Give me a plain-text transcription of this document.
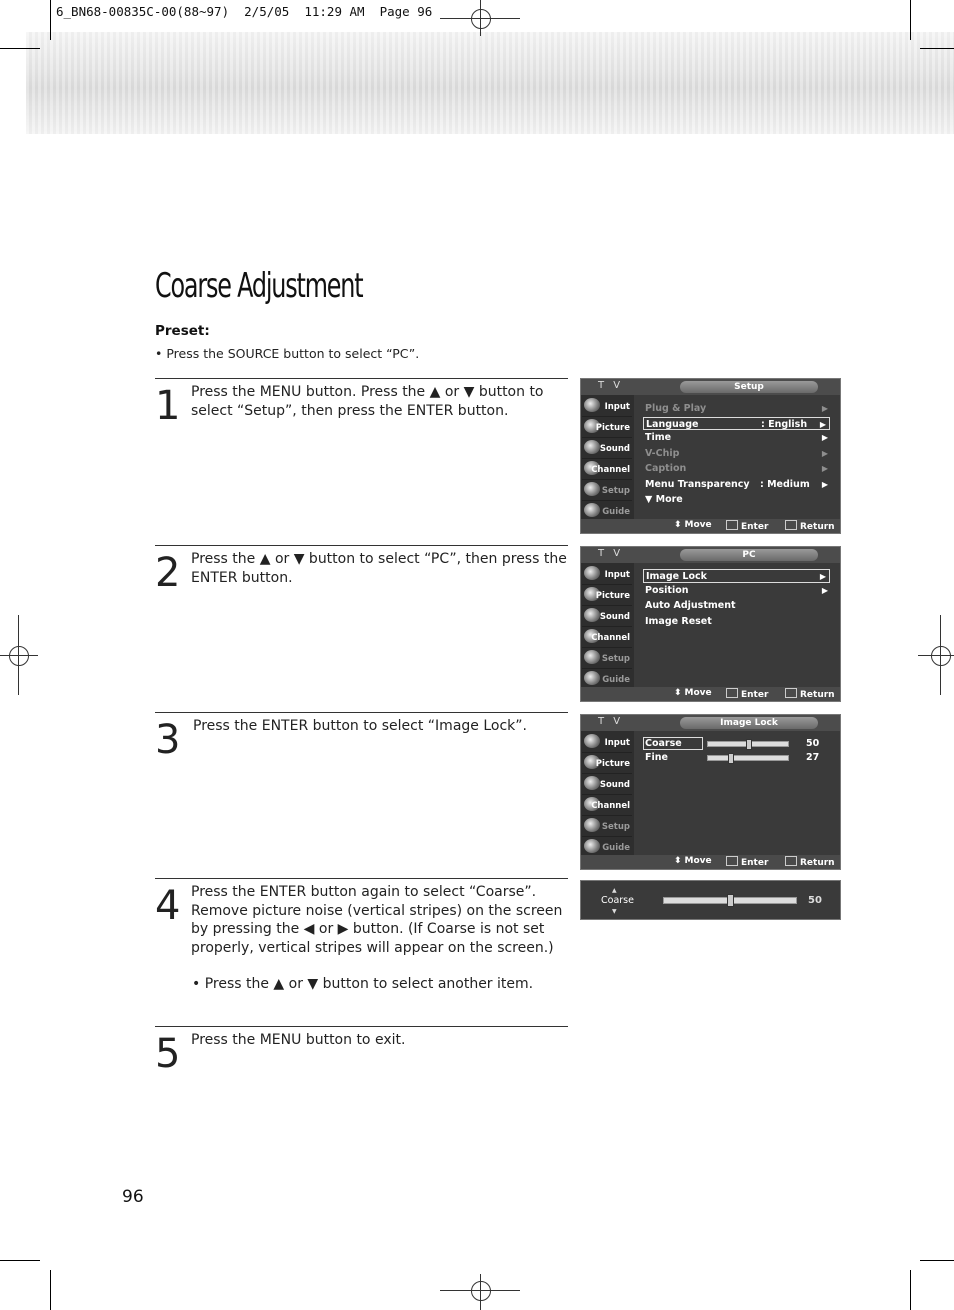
6_BN68-00835C-00(88~97)  2/5/05  11:29 AM  Page 96
Coarse Adjustment
Preset:
• Press the SOURCE button to select “PC”.
1 Press the MENU button. Press the ▲ or ▼ button to select “Setup”, then press the ENTER button.
2 Press the ▲ or ▼ button to select “PC”, then press the ENTER button.
3 Press the ENTER button to select “Image Lock”.
4 Press the ENTER button again to select “Coarse”. Remove picture noise (vertical stripes) on the screen by pressing the ◀ or ▶ button. (If Coarse is not set properly, vertical stripes will appear on the screen.)
• Press the ▲ or ▼ button to select another item.
5 Press the MENU button to exit.
T V	Setup
Input
Picture
Sound
Channel
Setup
Guide
Plug & Play	▶
Language	: English ▶
Time	▶
V-Chip	▶
Caption	▶
Menu Transparency : Medium ▶
▼ More
⬍ Move	Enter	Return
T V	PC
Input
Picture
Sound
Channel
Setup
Guide
Image Lock	▶
Position	▶
Auto Adjustment
Image Reset
⬍ Move	Enter	Return
T V	Image Lock
Input
Picture
Sound
Channel
Setup
Guide
Coarse	50
Fine	27
⬍ Move	Enter	Return
▲
Coarse
▼
50
96
